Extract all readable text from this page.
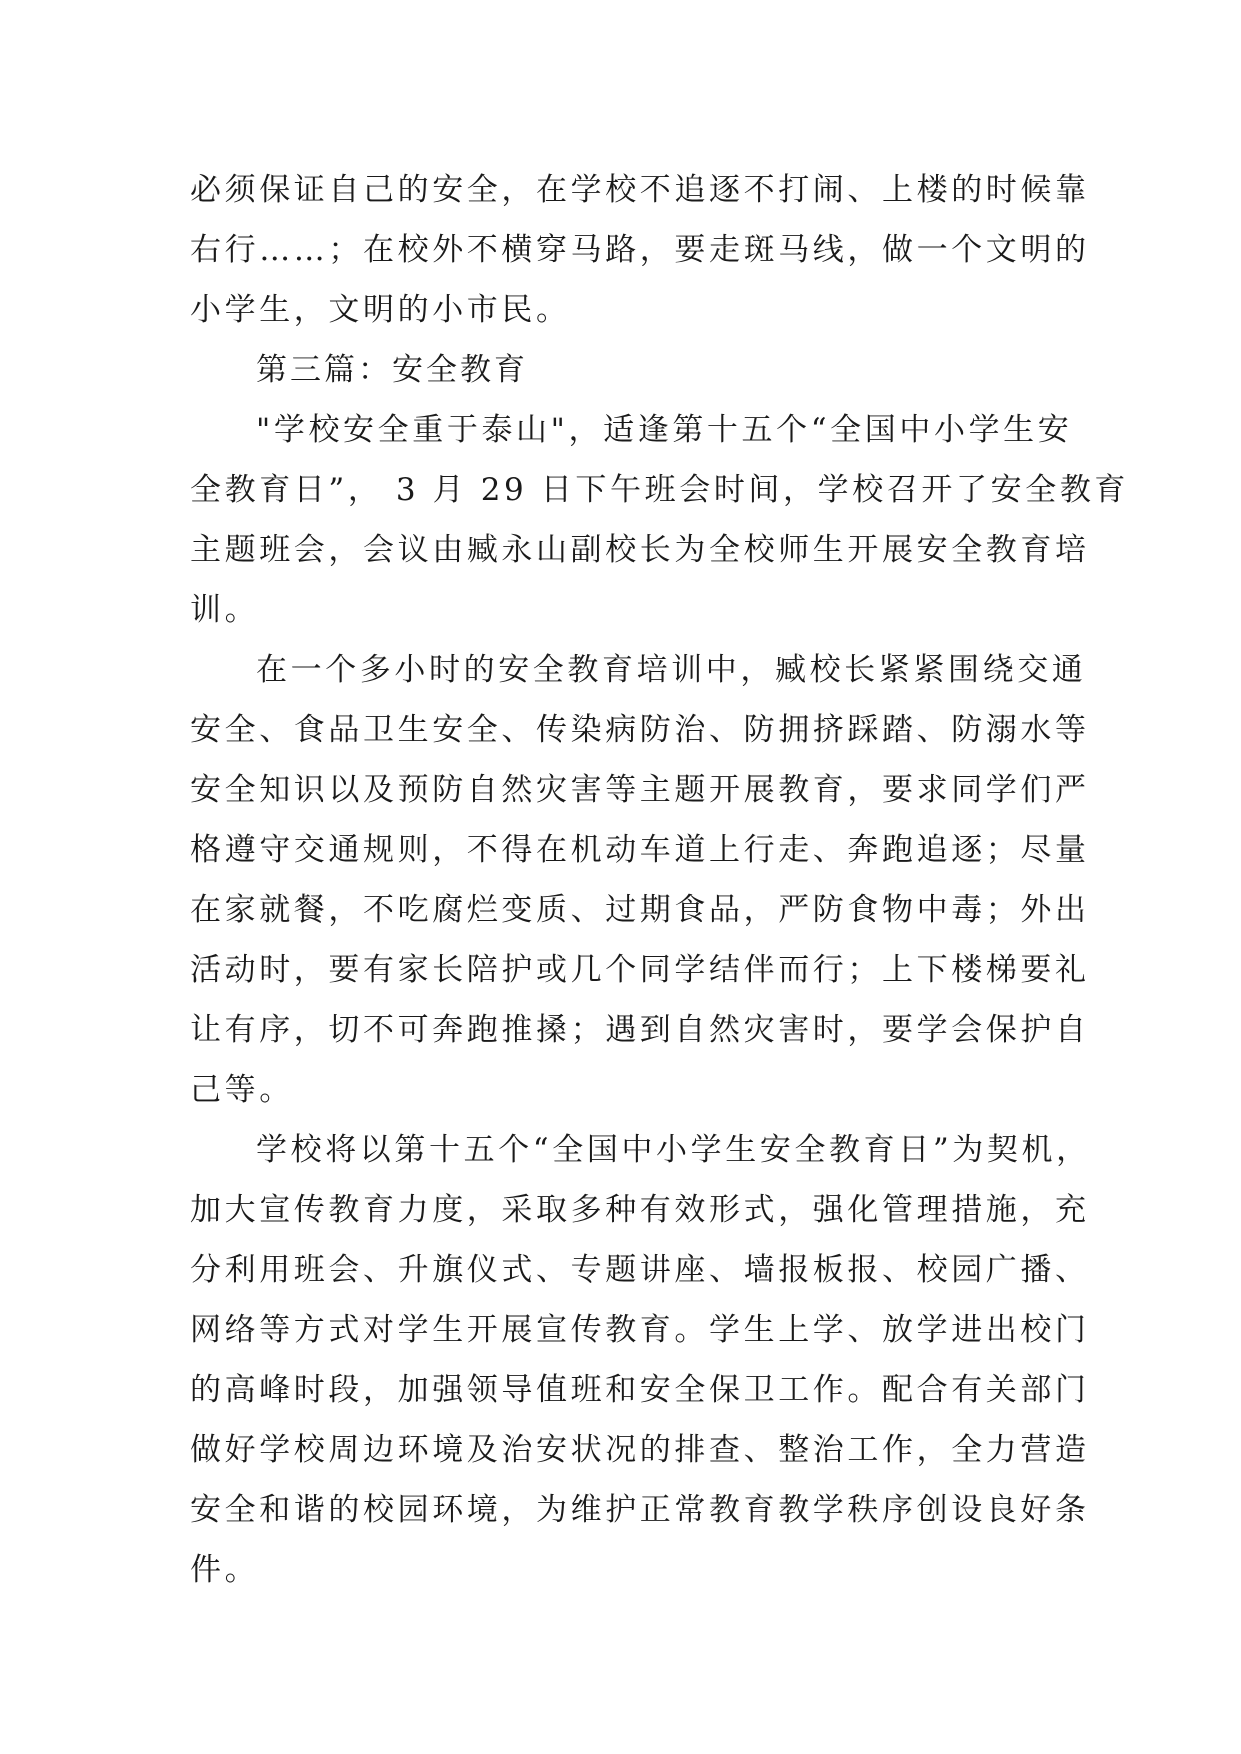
必须保证自己的安全，在学校不追逐不打闹、上楼的时候靠
右行……；在校外不横穿马路，要走斑马线，做一个文明的
小学生，文明的小市民。
第三篇：安全教育
"学校安全重于泰山"，适逢第十五个“全国中小学生安
全教育日”， 3 月 29 日下午班会时间，学校召开了安全教育
主题班会，会议由臧永山副校长为全校师生开展安全教育培
训。
在一个多小时的安全教育培训中，臧校长紧紧围绕交通
安全、食品卫生安全、传染病防治、防拥挤踩踏、防溺水等
安全知识以及预防自然灾害等主题开展教育，要求同学们严
格遵守交通规则，不得在机动车道上行走、奔跑追逐；尽量
在家就餐，不吃腐烂变质、过期食品，严防食物中毒；外出
活动时，要有家长陪护或几个同学结伴而行；上下楼梯要礼
让有序，切不可奔跑推搡；遇到自然灾害时，要学会保护自
己等。
学校将以第十五个“全国中小学生安全教育日”为契机，
加大宣传教育力度，采取多种有效形式，强化管理措施，充
分利用班会、升旗仪式、专题讲座、墙报板报、校园广播、
网络等方式对学生开展宣传教育。学生上学、放学进出校门
的高峰时段，加强领导值班和安全保卫工作。配合有关部门
做好学校周边环境及治安状况的排查、整治工作，全力营造
安全和谐的校园环境，为维护正常教育教学秩序创设良好条
件。
